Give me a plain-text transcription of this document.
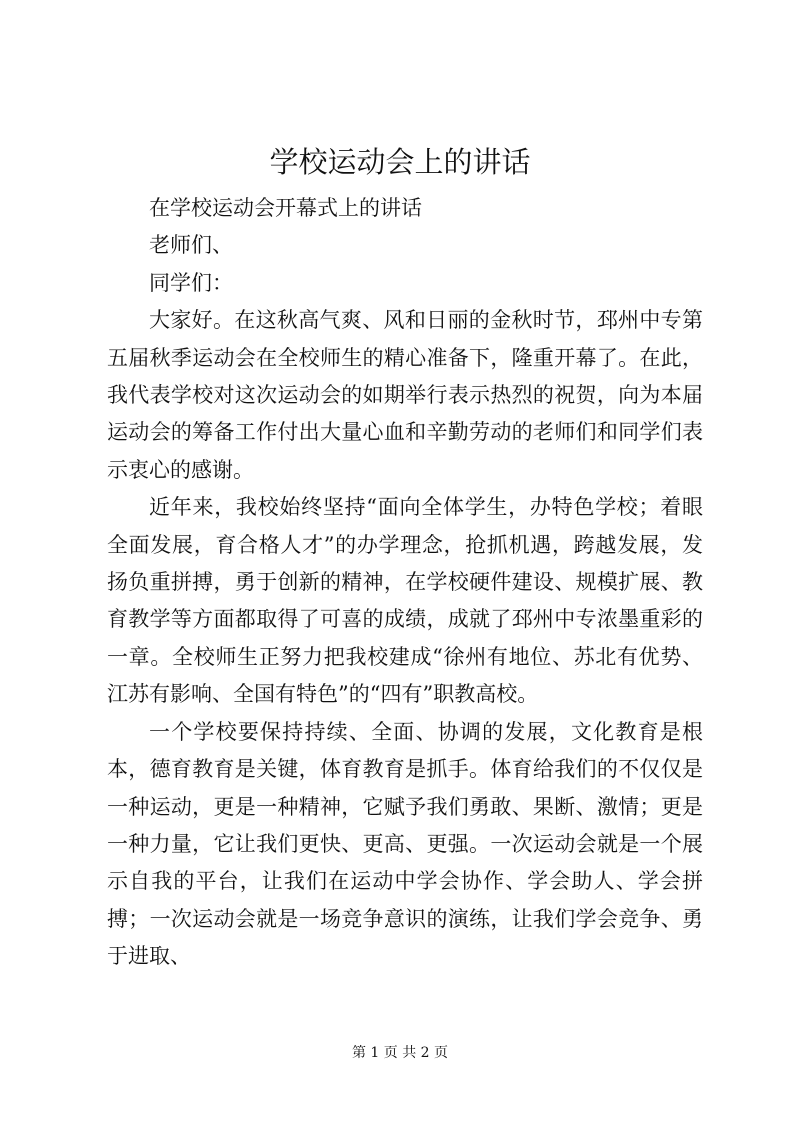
学校运动会上的讲话

在学校运动会开幕式上的讲话

老师们、

同学们：

大家好。在这秋高气爽、风和日丽的金秋时节，邳州中专第五届秋季运动会在全校师生的精心准备下，隆重开幕了。在此，我代表学校对这次运动会的如期举行表示热烈的祝贺，向为本届运动会的筹备工作付出大量心血和辛勤劳动的老师们和同学们表示衷心的感谢。

近年来，我校始终坚持“面向全体学生，办特色学校；着眼全面发展，育合格人才”的办学理念，抢抓机遇，跨越发展，发扬负重拼搏，勇于创新的精神，在学校硬件建设、规模扩展、教育教学等方面都取得了可喜的成绩，成就了邳州中专浓墨重彩的一章。全校师生正努力把我校建成“徐州有地位、苏北有优势、江苏有影响、全国有特色”的“四有”职教高校。

一个学校要保持持续、全面、协调的发展，文化教育是根本，德育教育是关键，体育教育是抓手。体育给我们的不仅仅是一种运动，更是一种精神，它赋予我们勇敢、果断、激情；更是一种力量，它让我们更快、更高、更强。一次运动会就是一个展示自我的平台，让我们在运动中学会协作、学会助人、学会拼搏；一次运动会就是一场竞争意识的演练，让我们学会竞争、勇于进取、

第 1 页 共 2 页
